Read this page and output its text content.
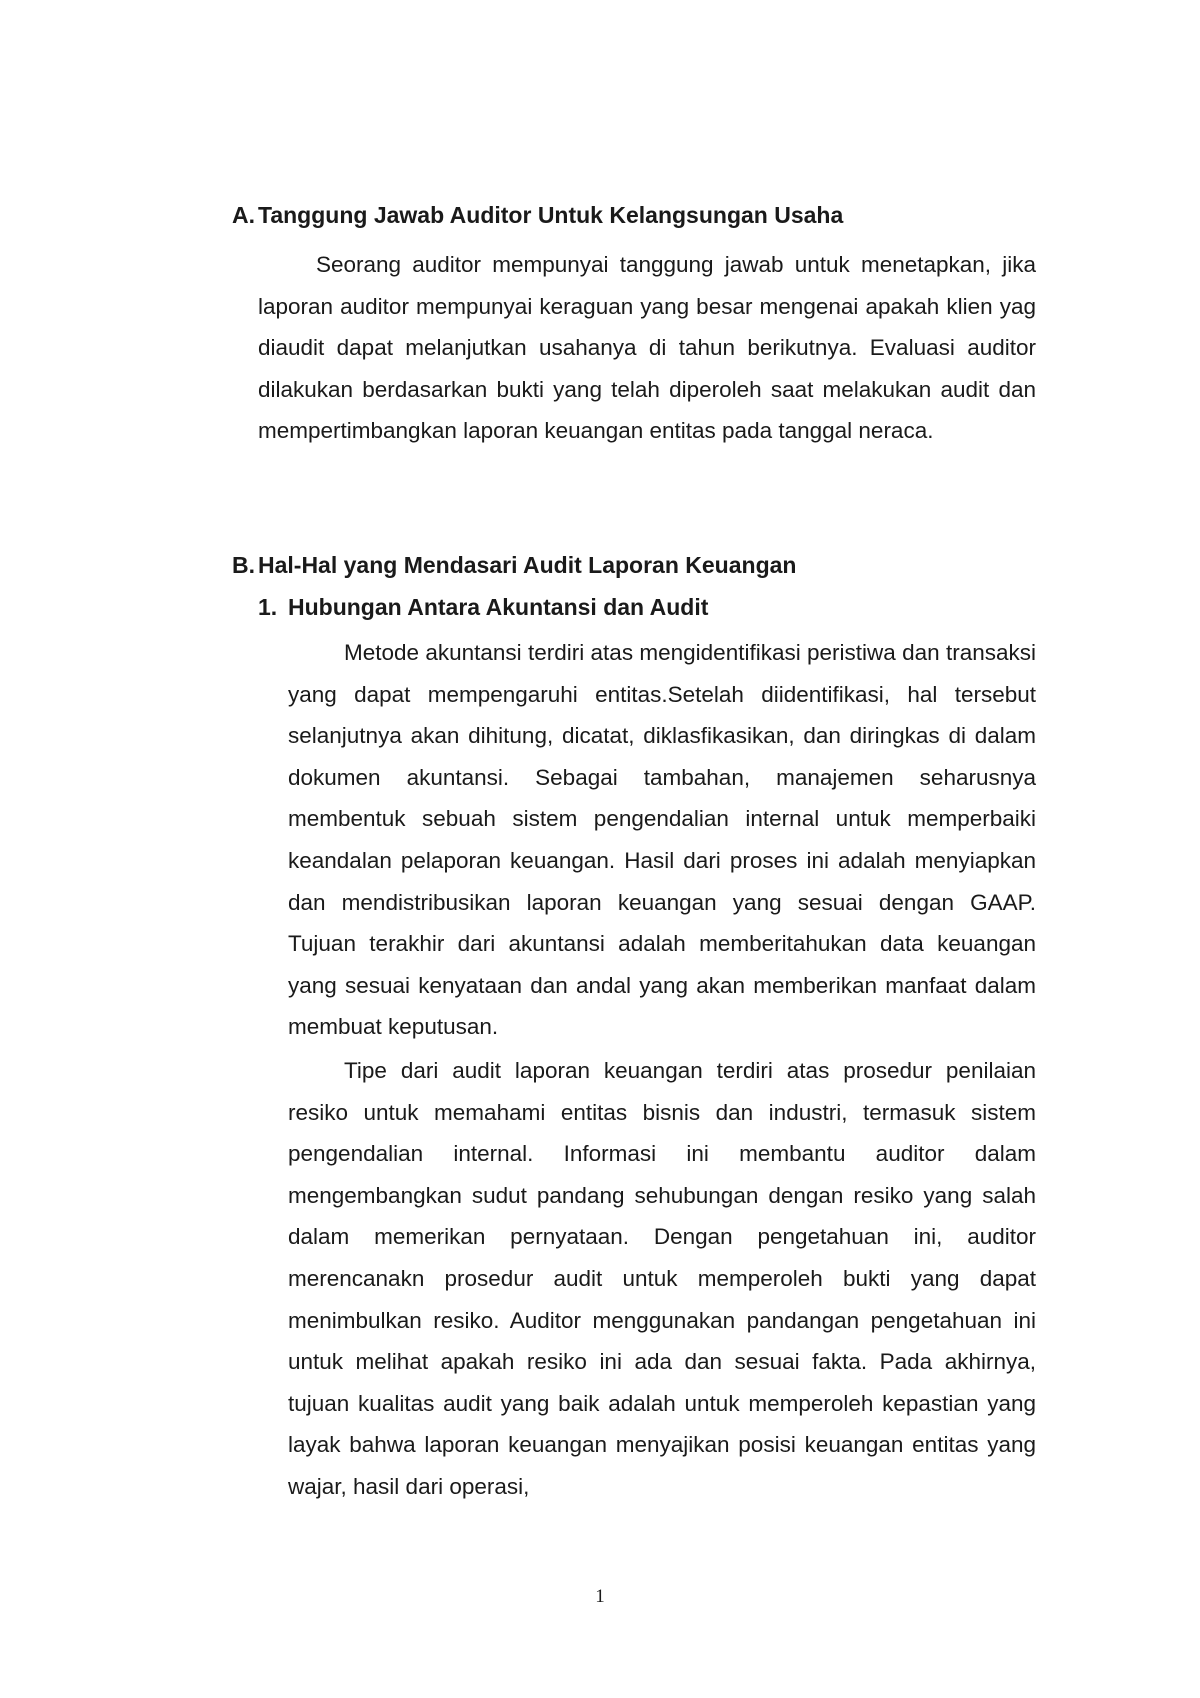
A. Tanggung Jawab Auditor Untuk Kelangsungan Usaha

Seorang auditor mempunyai tanggung jawab untuk menetapkan, jika laporan auditor mempunyai keraguan yang besar mengenai apakah klien yag diaudit dapat melanjutkan usahanya di tahun berikutnya. Evaluasi auditor dilakukan berdasarkan bukti yang telah diperoleh saat melakukan audit dan mempertimbangkan laporan keuangan entitas pada tanggal neraca.

B. Hal-Hal yang Mendasari Audit Laporan Keuangan
1. Hubungan Antara Akuntansi dan Audit

Metode akuntansi terdiri atas mengidentifikasi peristiwa dan transaksi yang dapat mempengaruhi entitas.Setelah diidentifikasi, hal tersebut selanjutnya akan dihitung, dicatat, diklasfikasikan, dan diringkas di dalam dokumen akuntansi. Sebagai tambahan, manajemen seharusnya membentuk sebuah sistem pengendalian internal untuk memperbaiki keandalan pelaporan keuangan. Hasil dari proses ini adalah menyiapkan dan mendistribusikan laporan keuangan yang sesuai dengan GAAP. Tujuan terakhir dari akuntansi adalah memberitahukan data keuangan yang sesuai kenyataan dan andal yang akan memberikan manfaat dalam membuat keputusan.

Tipe dari audit laporan keuangan terdiri atas prosedur penilaian resiko untuk memahami entitas bisnis dan industri, termasuk sistem pengendalian internal. Informasi ini membantu auditor dalam mengembangkan sudut pandang sehubungan dengan resiko yang salah dalam memerikan pernyataan. Dengan pengetahuan ini, auditor merencanakn prosedur audit untuk memperoleh bukti yang dapat menimbulkan resiko. Auditor menggunakan pandangan pengetahuan ini untuk melihat apakah resiko ini ada dan sesuai fakta. Pada akhirnya, tujuan kualitas audit yang baik adalah untuk memperoleh kepastian yang layak bahwa laporan keuangan menyajikan posisi keuangan entitas yang wajar, hasil dari operasi,

1
